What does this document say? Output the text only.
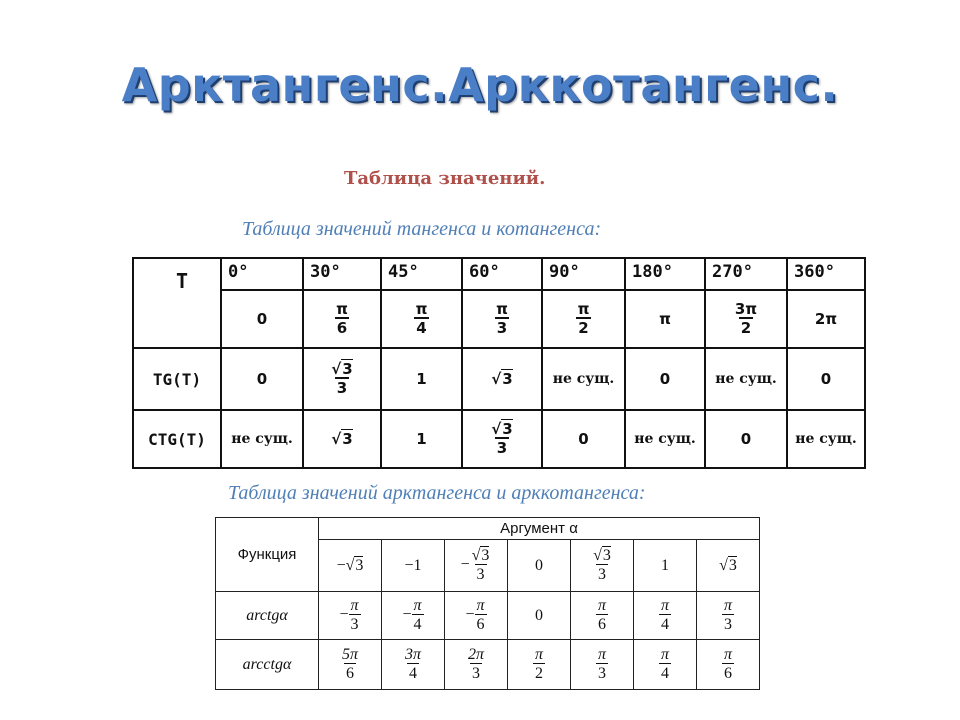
Арктангенс.Арккотангенс.
Таблица значений.
Таблица значений тангенса и котангенса:
Т	0°	30°	45°	60°	90°	180°	270°	360°
	0	$\frac{\pi}{6}$	$\frac{\pi}{4}$	$\frac{\pi}{3}$	$\frac{\pi}{2}$	π	$\frac{3\pi}{2}$	2π
ТG(Т)	0	$\frac{√3}{3}$	1	√3	не сущ.	0	не сущ.	0
СТG(Т)	не сущ.	√3	1	$\frac{√3}{3}$	0	не сущ.	0	не сущ.
Таблица значений арктангенса и арккотангенса:
Функция	Аргумент α						
	−√3	−1	− $\frac{√3}{3}$	0	$\frac{√3}{3}$	1	√3
arctgα	− $\frac{\pi}{3}$	− $\frac{\pi}{4}$	− $\frac{\pi}{6}$	0	$\frac{\pi}{6}$	$\frac{\pi}{4}$	$\frac{\pi}{3}$

arcctgα	$\frac{5\pi}{6}$	$\frac{3\pi}{4}$	$\frac{2\pi}{3}$	$\frac{\pi}{2}$	$\frac{\pi}{3}$	$\frac{\pi}{4}$	$\frac{\pi}{6}$
